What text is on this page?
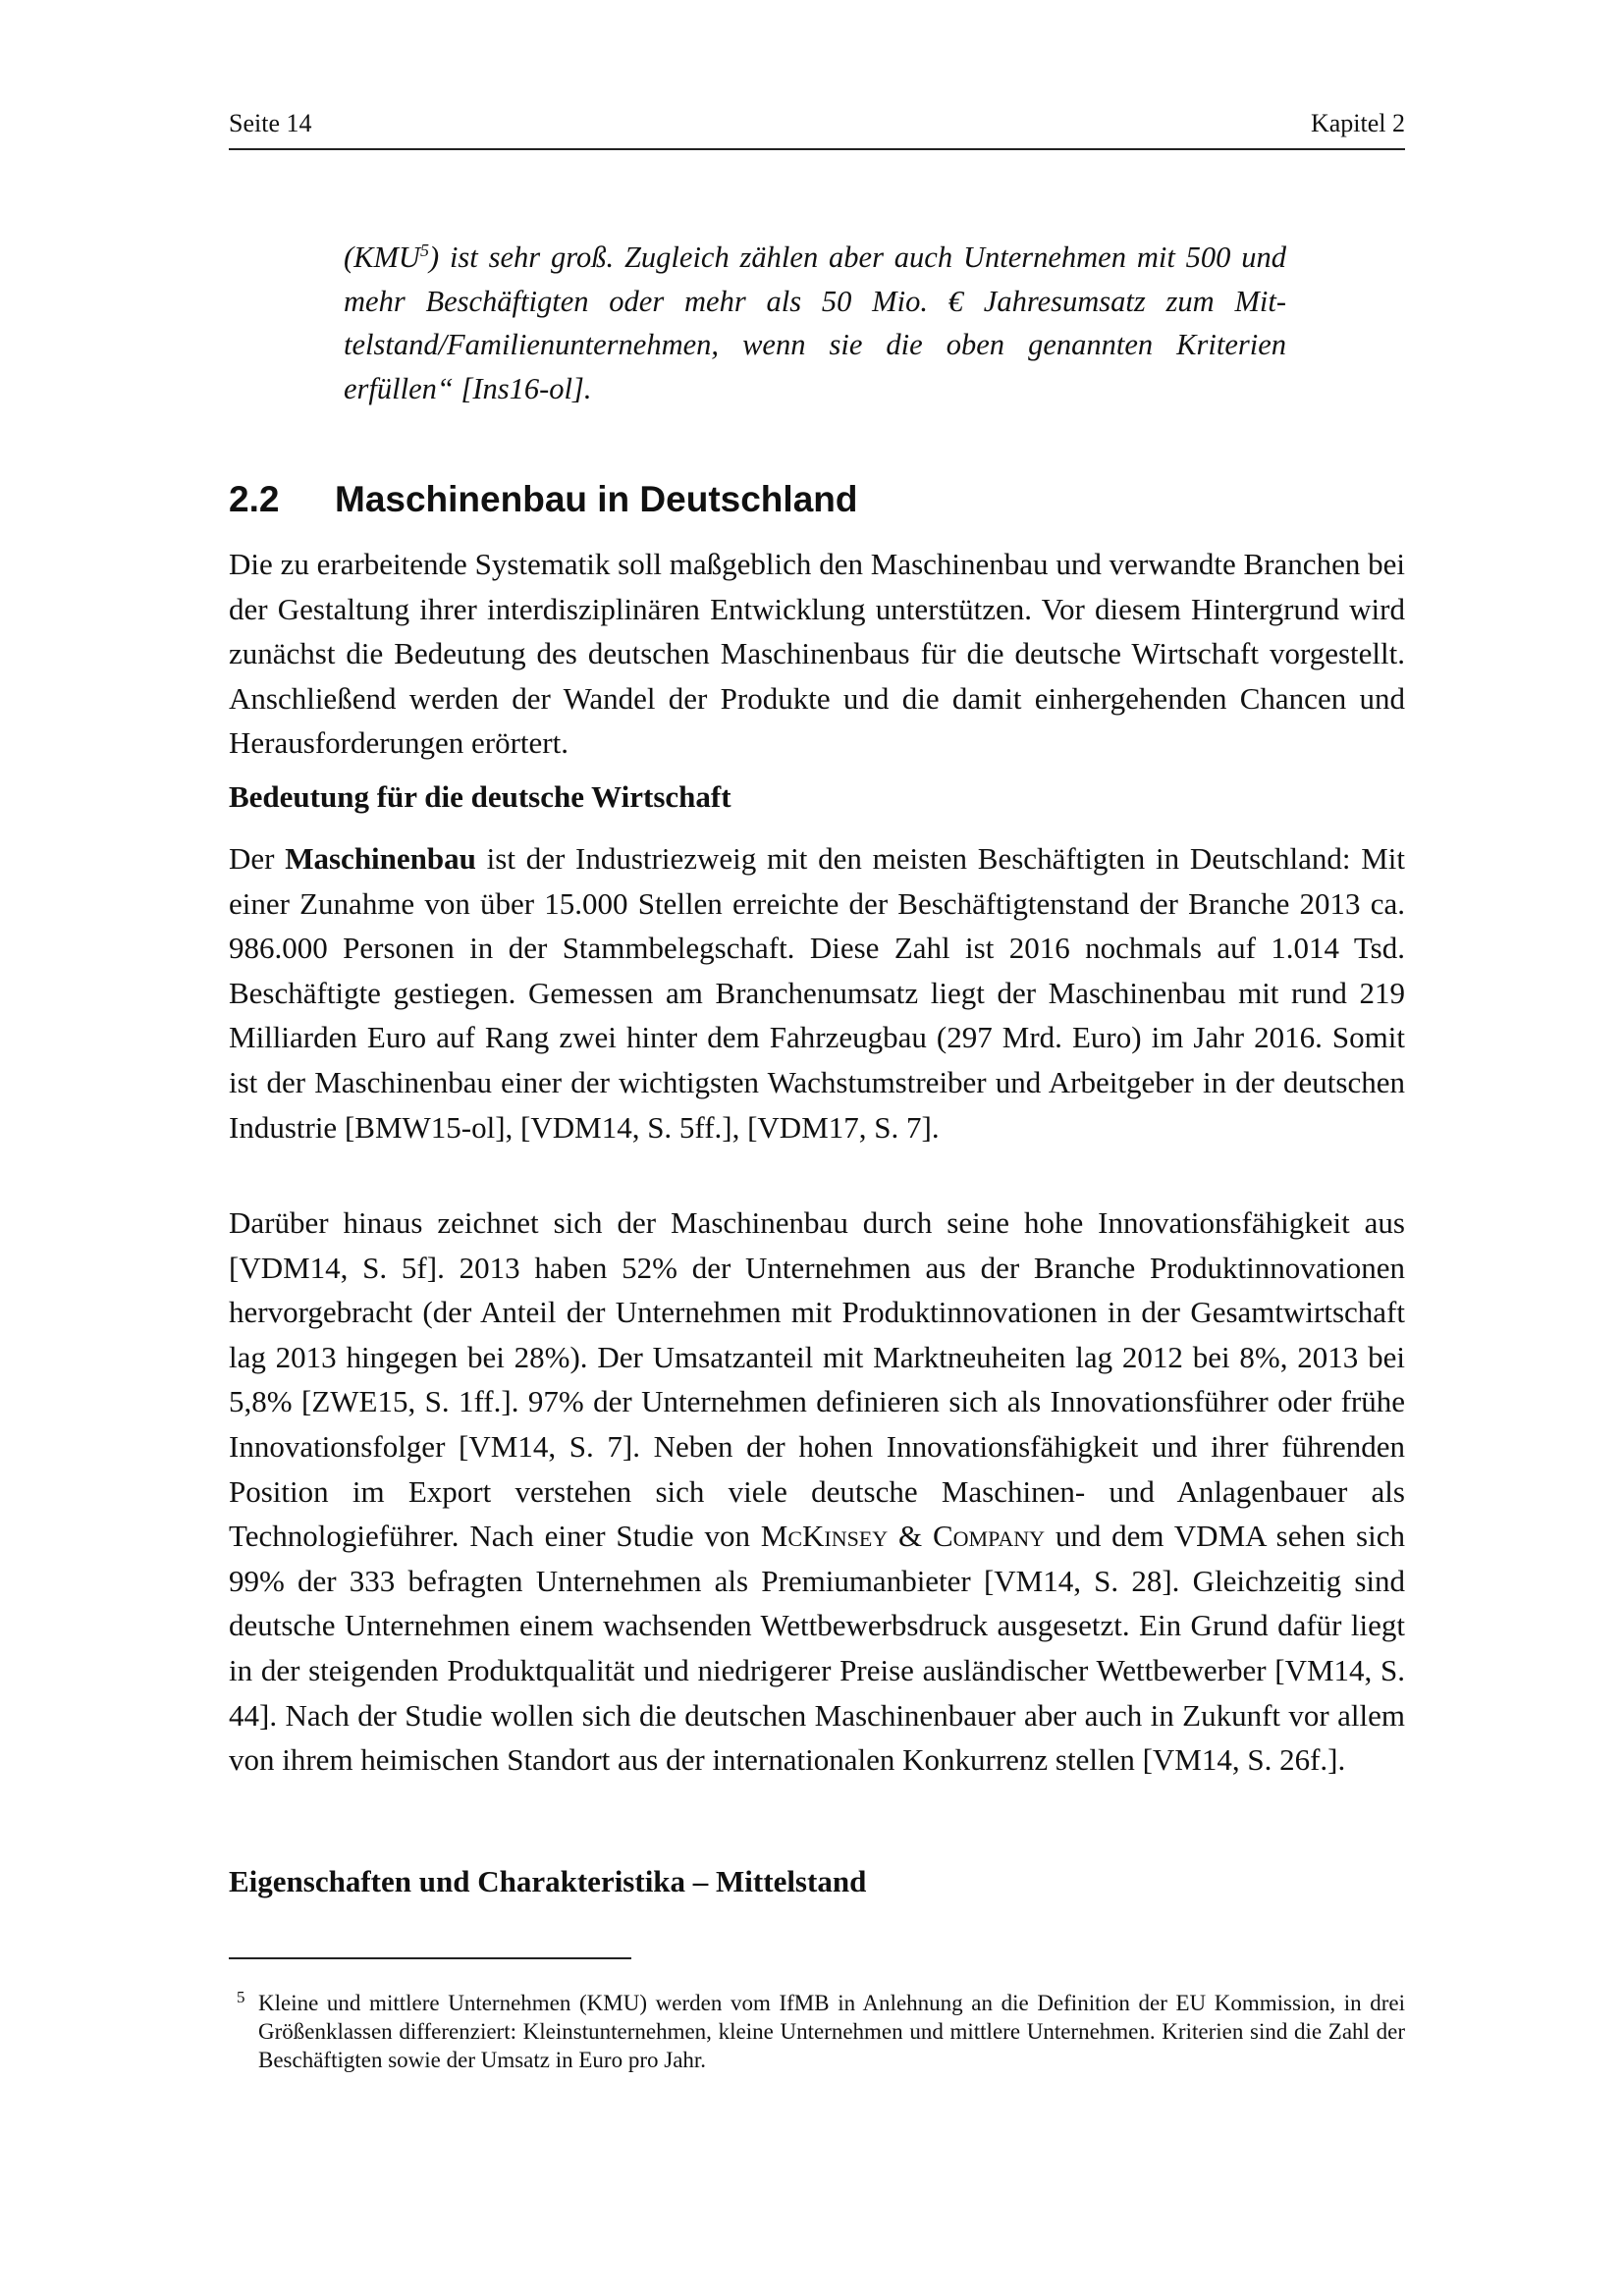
Seite 14	Kapitel 2

(KMU$^5$) ist sehr groß. Zugleich zählen aber auch Unternehmen mit 500 und mehr Beschäftigten oder mehr als 50 Mio. € Jahresumsatz zum Mittelstand/Familienunternehmen, wenn sie die oben genannten Kriterien erfüllen“ [Ins16-ol].

2.2 Maschinenbau in Deutschland

Die zu erarbeitende Systematik soll maßgeblich den Maschinenbau und verwandte Branchen bei der Gestaltung ihrer interdisziplinären Entwicklung unterstützen. Vor diesem Hintergrund wird zunächst die Bedeutung des deutschen Maschinenbaus für die deutsche Wirtschaft vorgestellt. Anschließend werden der Wandel der Produkte und die damit einhergehenden Chancen und Herausforderungen erörtert.

Bedeutung für die deutsche Wirtschaft

Der Maschinenbau ist der Industriezweig mit den meisten Beschäftigten in Deutschland: Mit einer Zunahme von über 15.000 Stellen erreichte der Beschäftigtenstand der Branche 2013 ca. 986.000 Personen in der Stammbelegschaft. Diese Zahl ist 2016 nochmals auf 1.014 Tsd. Beschäftigte gestiegen. Gemessen am Branchenumsatz liegt der Maschinenbau mit rund 219 Milliarden Euro auf Rang zwei hinter dem Fahrzeugbau (297 Mrd. Euro) im Jahr 2016. Somit ist der Maschinenbau einer der wichtigsten Wachstumstreiber und Arbeitgeber in der deutschen Industrie [BMW15-ol], [VDM14, S. 5ff.], [VDM17, S. 7].

Darüber hinaus zeichnet sich der Maschinenbau durch seine hohe Innovationsfähigkeit aus [VDM14, S. 5f]. 2013 haben 52% der Unternehmen aus der Branche Produktinnovationen hervorgebracht (der Anteil der Unternehmen mit Produktinnovationen in der Gesamtwirtschaft lag 2013 hingegen bei 28%). Der Umsatzanteil mit Marktneuheiten lag 2012 bei 8%, 2013 bei 5,8% [ZWE15, S. 1ff.]. 97% der Unternehmen definieren sich als Innovationsführer oder frühe Innovationsfolger [VM14, S. 7]. Neben der hohen Innovationsfähigkeit und ihrer führenden Position im Export verstehen sich viele deutsche Maschinen- und Anlagenbauer als Technologieführer. Nach einer Studie von McKinsey & Company und dem VDMA sehen sich 99% der 333 befragten Unternehmen als Premiumanbieter [VM14, S. 28]. Gleichzeitig sind deutsche Unternehmen einem wachsenden Wettbewerbsdruck ausgesetzt. Ein Grund dafür liegt in der steigenden Produktqualität und niedrigerer Preise ausländischer Wettbewerber [VM14, S. 44]. Nach der Studie wollen sich die deutschen Maschinenbauer aber auch in Zukunft vor allem von ihrem heimischen Standort aus der internationalen Konkurrenz stellen [VM14, S. 26f.].

Eigenschaften und Charakteristika – Mittelstand

5 Kleine und mittlere Unternehmen (KMU) werden vom IfMB in Anlehnung an die Definition der EU Kommission, in drei Größenklassen differenziert: Kleinstunternehmen, kleine Unternehmen und mittlere Unternehmen. Kriterien sind die Zahl der Beschäftigten sowie der Umsatz in Euro pro Jahr.
